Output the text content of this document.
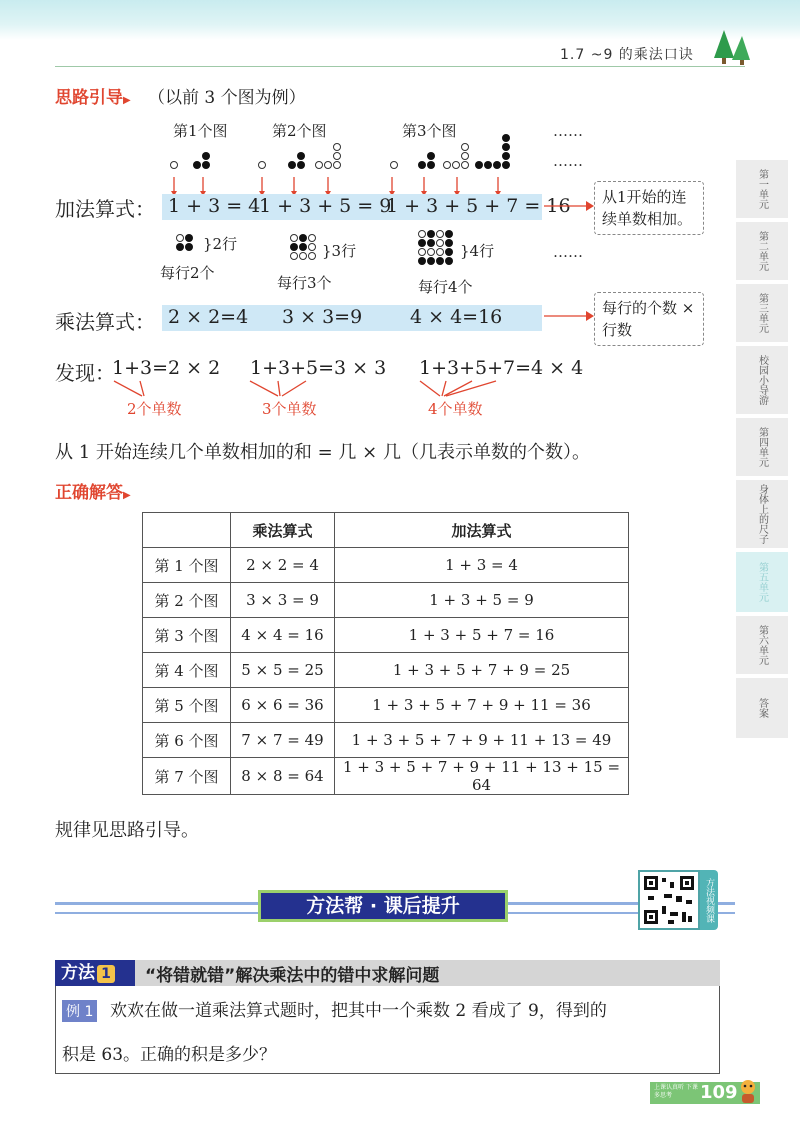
1.7 ~9 的乘法口诀
思路引导▶ （以前 3 个图为例）
第1个图	第2个图	第3个图	……
……
……
加法算式： 1 + 3 = 4
1 + 3 + 5 = 9
1 + 3 + 5 + 7 = 16	从1开始的连续单数相加。
}2行	}3行	}4行
每行2个
每行3个	每行4个
乘法算式： 2 × 2=4 3 × 3=9	4 × 4=16	每行的个数 × 行数
发现：
1+3=2 × 2 1+3+5=3 × 3 1+3+5+7=4 × 4
2个单数	3个单数	4个单数
从 1 开始连续几个单数相加的和 = 几 × 几（几表示单数的个数）。
正确解答▶
	乘法算式	加法算式
第 1 个图	2 × 2 = 4	1 + 3 = 4
第 2 个图	3 × 3 = 9	1 + 3 + 5 = 9
第 3 个图	4 × 4 = 16	1 + 3 + 5 + 7 = 16
第 4 个图	5 × 5 = 25	1 + 3 + 5 + 7 + 9 = 25
第 5 个图	6 × 6 = 36	1 + 3 + 5 + 7 + 9 + 11 = 36
第 6 个图	7 × 7 = 49	1 + 3 + 5 + 7 + 9 + 11 + 13 = 49
第 7 个图	8 × 8 = 64	1 + 3 + 5 + 7 + 9 + 11 + 13 + 15 = 64
规律见思路引导。
第一单元
第二单元
第三单元
校园小导游
第四单元
身体上的尺子
第五单元
第六单元
答案
方法帮 · 课后提升	方法视频课
方法 1	“将错就错”解决乘法中的错中求解问题
例 1 欢欢在做一道乘法算式题时，把其中一个乘数 2 看成了 9，得到的
积是 63。正确的积是多少？
上课认真听 下课多思考	109
